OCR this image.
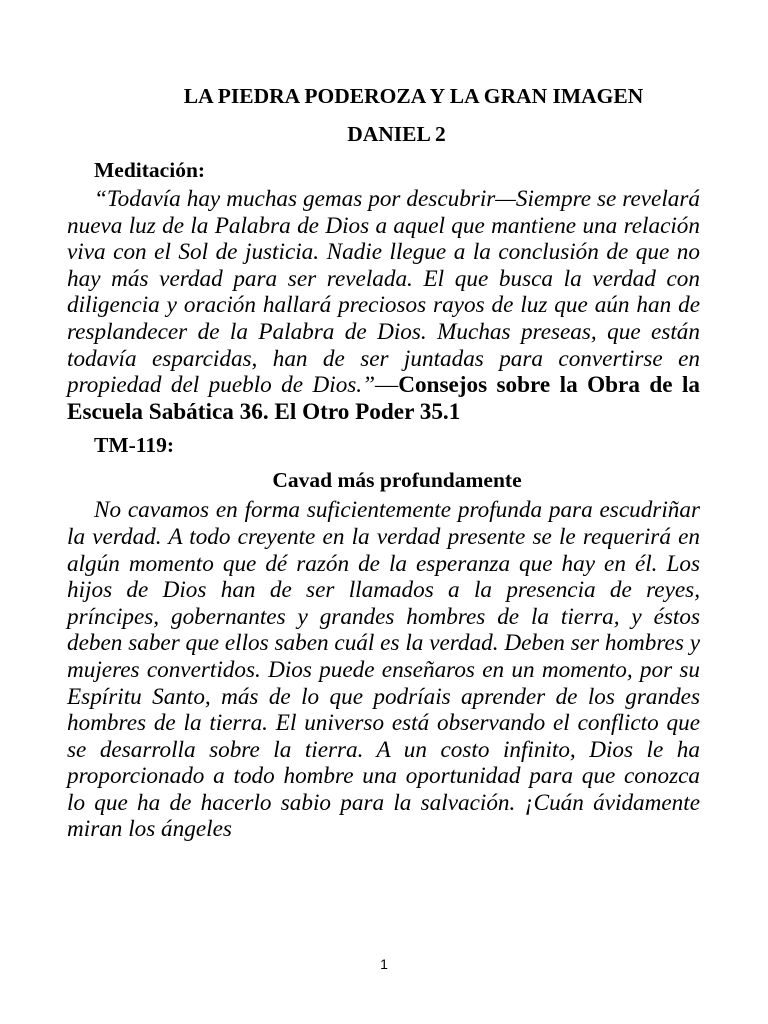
LA PIEDRA PODEROZA Y LA GRAN IMAGEN
DANIEL 2

Meditación:

“Todavía hay muchas gemas por descubrir—Siempre se revelará nueva luz de la Palabra de Dios a aquel que mantiene una relación viva con el Sol de justicia. Nadie llegue a la conclusión de que no hay más verdad para ser revelada. El que busca la verdad con diligencia y oración hallará preciosos rayos de luz que aún han de resplandecer de la Palabra de Dios. Muchas preseas, que están todavía esparcidas, han de ser juntadas para convertirse en propiedad del pueblo de Dios.”—Consejos sobre la Obra de la Escuela Sabática 36. El Otro Poder 35.1

TM-119:

Cavad más profundamente

No cavamos en forma suficientemente profunda para escudriñar la verdad. A todo creyente en la verdad presente se le requerirá en algún momento que dé razón de la esperanza que hay en él. Los hijos de Dios han de ser llamados a la presencia de reyes, príncipes, gobernantes y grandes hombres de la tierra, y éstos deben saber que ellos saben cuál es la verdad. Deben ser hombres y mujeres convertidos. Dios puede enseñaros en un momento, por su Espíritu Santo, más de lo que podríais aprender de los grandes hombres de la tierra. El universo está observando el conflicto que se desarrolla sobre la tierra. A un costo infinito, Dios le ha proporcionado a todo hombre una oportunidad para que conozca lo que ha de hacerlo sabio para la salvación. ¡Cuán ávidamente miran los ángeles

1
